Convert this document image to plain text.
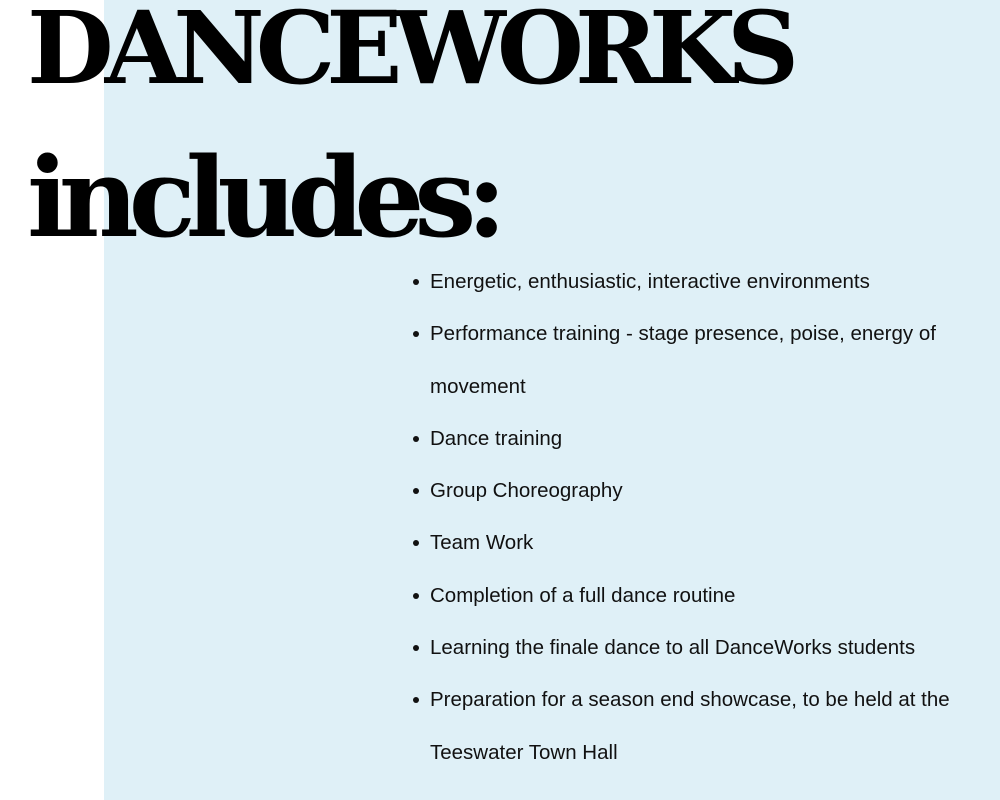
DANCEWORKS
includes:
Energetic, enthusiastic, interactive environments
Performance training - stage presence, poise, energy of movement
Dance training
Group Choreography
Team Work
Completion of a full dance routine
Learning the finale dance to all DanceWorks students
Preparation for a season end showcase, to be held at the Teeswater Town Hall
